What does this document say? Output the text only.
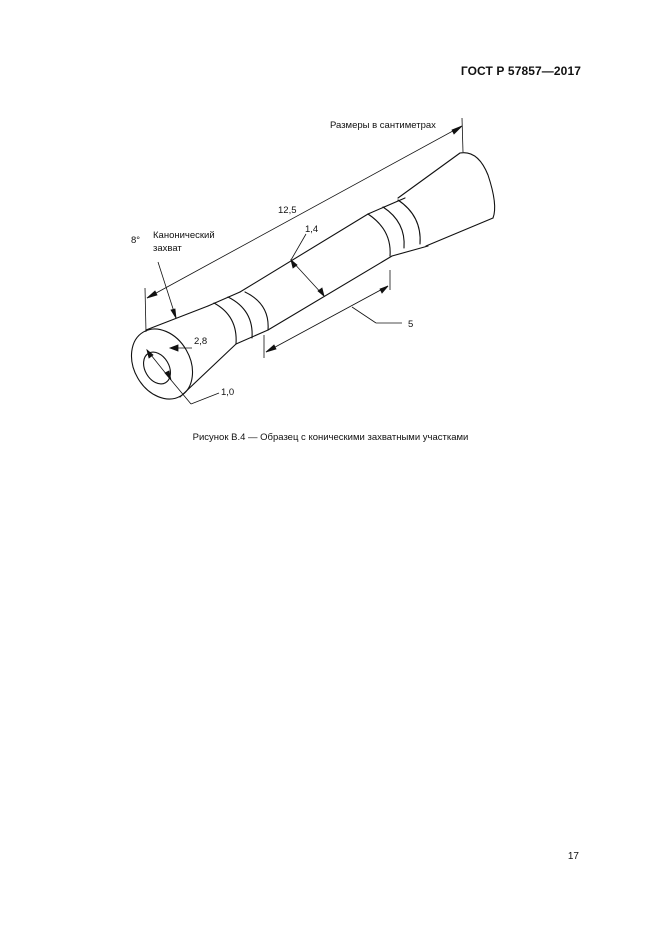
ГОСТ Р 57857—2017
Размеры в сантиметрах
8° Канонический
захват
12,5
1,4
5
2,8
1,0
Рисунок В.4 — Образец с коническими захватными участками
17
